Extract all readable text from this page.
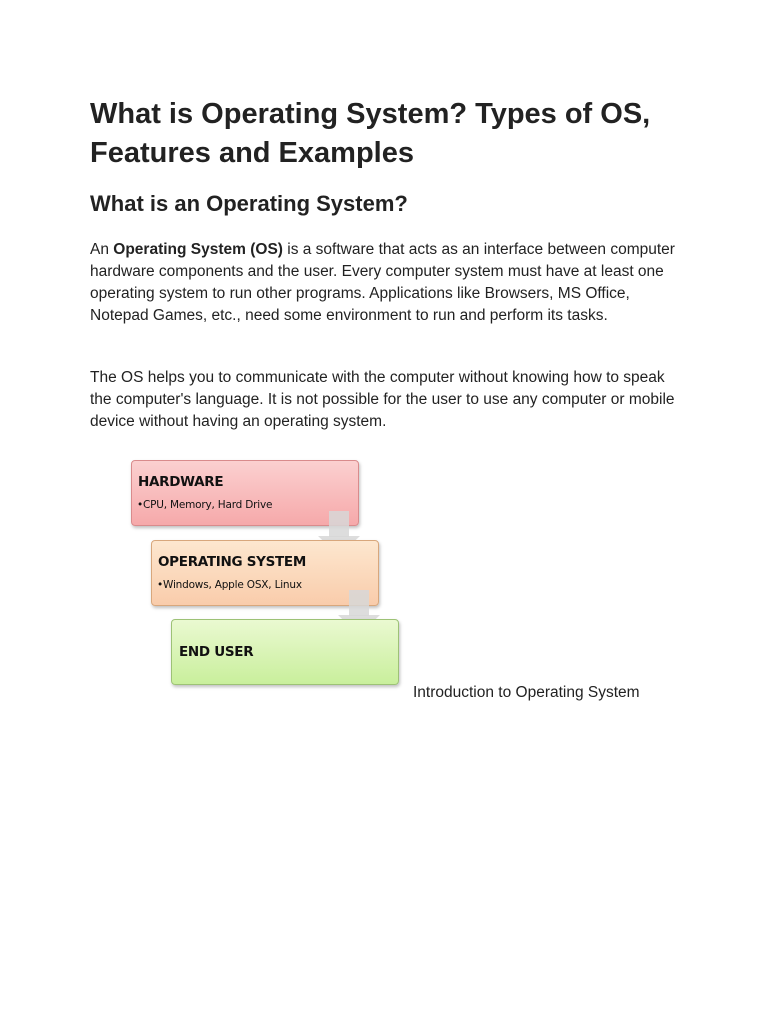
What is Operating System? Types of OS, Features and Examples
What is an Operating System?

An Operating System (OS) is a software that acts as an interface between computer hardware components and the user. Every computer system must have at least one operating system to run other programs. Applications like Browsers, MS Office, Notepad Games, etc., need some environment to run and perform its tasks.

The OS helps you to communicate with the computer without knowing how to speak the computer's language. It is not possible for the user to use any computer or mobile device without having an operating system.

HARDWARE
•CPU, Memory, Hard Drive
OPERATING SYSTEM
•Windows, Apple OSX, Linux
END USER

Introduction to Operating System
